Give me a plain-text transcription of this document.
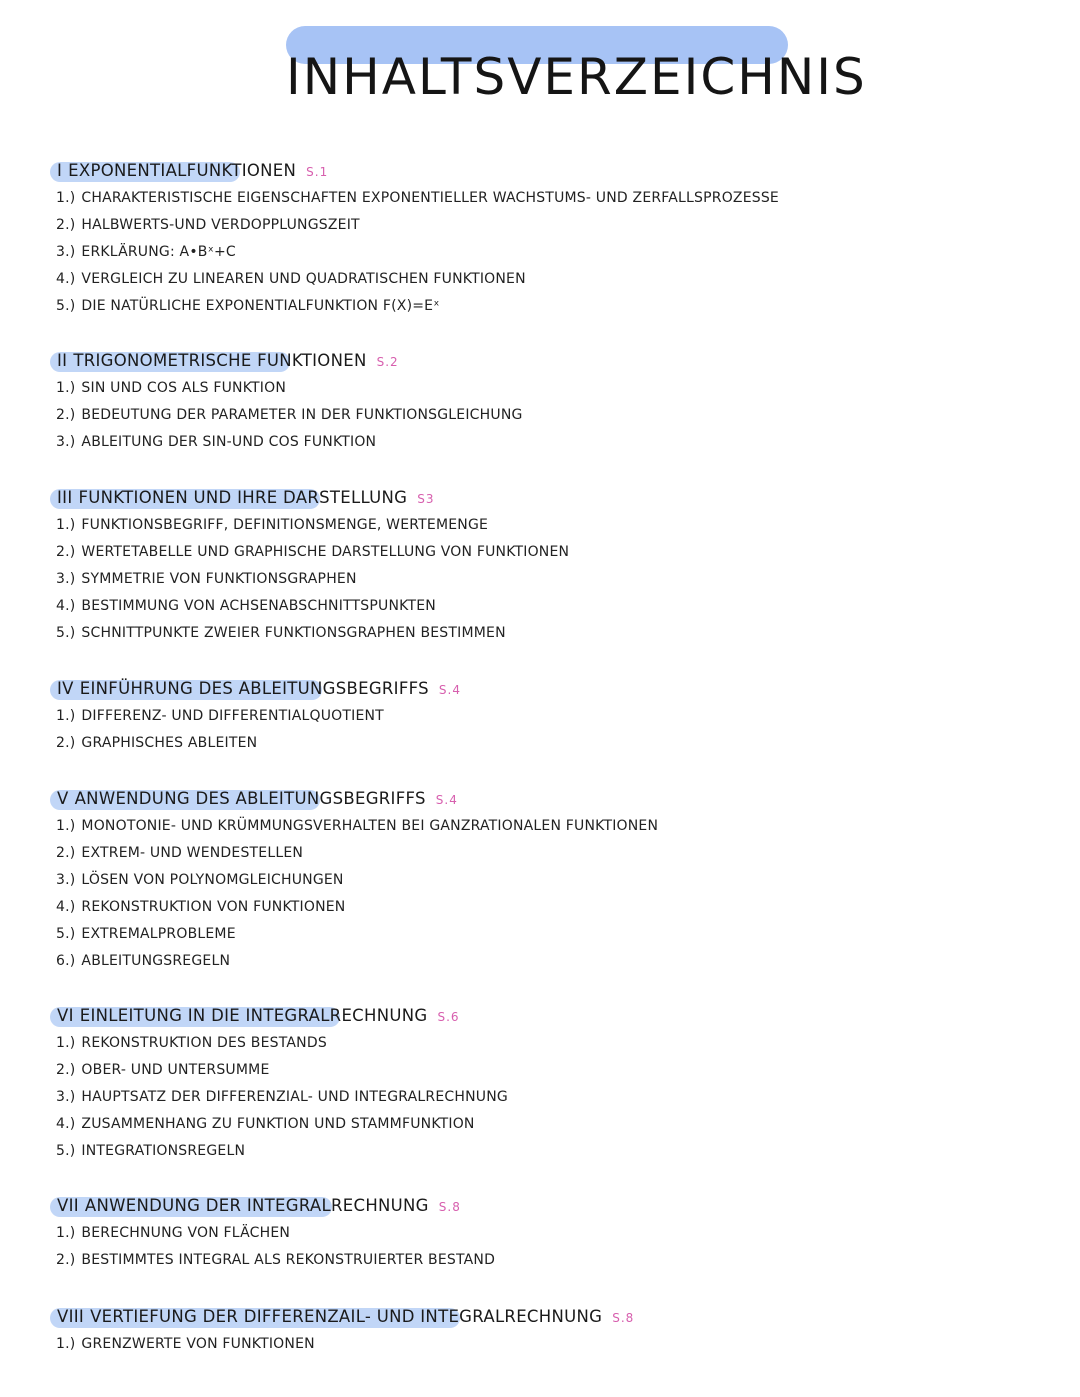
INHALTSVERZEICHNIS
I EXPONENTIALFUNKTIONEN S.1
1.) CHARAKTERISTISCHE EIGENSCHAFTEN EXPONENTIELLER WACHSTUMS- UND ZERFALLSPROZESSE
2.) HALBWERTS-UND VERDOPPLUNGSZEIT
3.) ERKLÄRUNG: A•Bˣ+C
4.) VERGLEICH ZU LINEAREN UND QUADRATISCHEN FUNKTIONEN
5.) DIE NATÜRLICHE EXPONENTIALFUNKTION F(X)=Eˣ
II TRIGONOMETRISCHE FUNKTIONEN S.2
1.) SIN UND COS ALS FUNKTION
2.) BEDEUTUNG DER PARAMETER IN DER FUNKTIONSGLEICHUNG
3.) ABLEITUNG DER SIN-UND COS FUNKTION
III FUNKTIONEN UND IHRE DARSTELLUNG S3
1.) FUNKTIONSBEGRIFF, DEFINITIONSMENGE, WERTEMENGE
2.) WERTETABELLE UND GRAPHISCHE DARSTELLUNG VON FUNKTIONEN
3.) SYMMETRIE VON FUNKTIONSGRAPHEN
4.) BESTIMMUNG VON ACHSENABSCHNITTSPUNKTEN
5.) SCHNITTPUNKTE ZWEIER FUNKTIONSGRAPHEN BESTIMMEN
IV EINFÜHRUNG DES ABLEITUNGSBEGRIFFS S.4
1.) DIFFERENZ- UND DIFFERENTIALQUOTIENT
2.) GRAPHISCHES ABLEITEN
V ANWENDUNG DES ABLEITUNGSBEGRIFFS S.4
1.) MONOTONIE- UND KRÜMMUNGSVERHALTEN BEI GANZRATIONALEN FUNKTIONEN
2.) EXTREM- UND WENDESTELLEN
3.) LÖSEN VON POLYNOMGLEICHUNGEN
4.) REKONSTRUKTION VON FUNKTIONEN
5.) EXTREMALPROBLEME
6.) ABLEITUNGSREGELN
VI EINLEITUNG IN DIE INTEGRALRECHNUNG S.6
1.) REKONSTRUKTION DES BESTANDS
2.) OBER- UND UNTERSUMME
3.) HAUPTSATZ DER DIFFERENZIAL- UND INTEGRALRECHNUNG
4.) ZUSAMMENHANG ZU FUNKTION UND STAMMFUNKTION
5.) INTEGRATIONSREGELN
VII ANWENDUNG DER INTEGRALRECHNUNG S.8
1.) BERECHNUNG VON FLÄCHEN
2.) BESTIMMTES INTEGRAL ALS REKONSTRUIERTER BESTAND
VIII VERTIEFUNG DER DIFFERENZAIL- UND INTEGRALRECHNUNG S.8
1.) GRENZWERTE VON FUNKTIONEN
